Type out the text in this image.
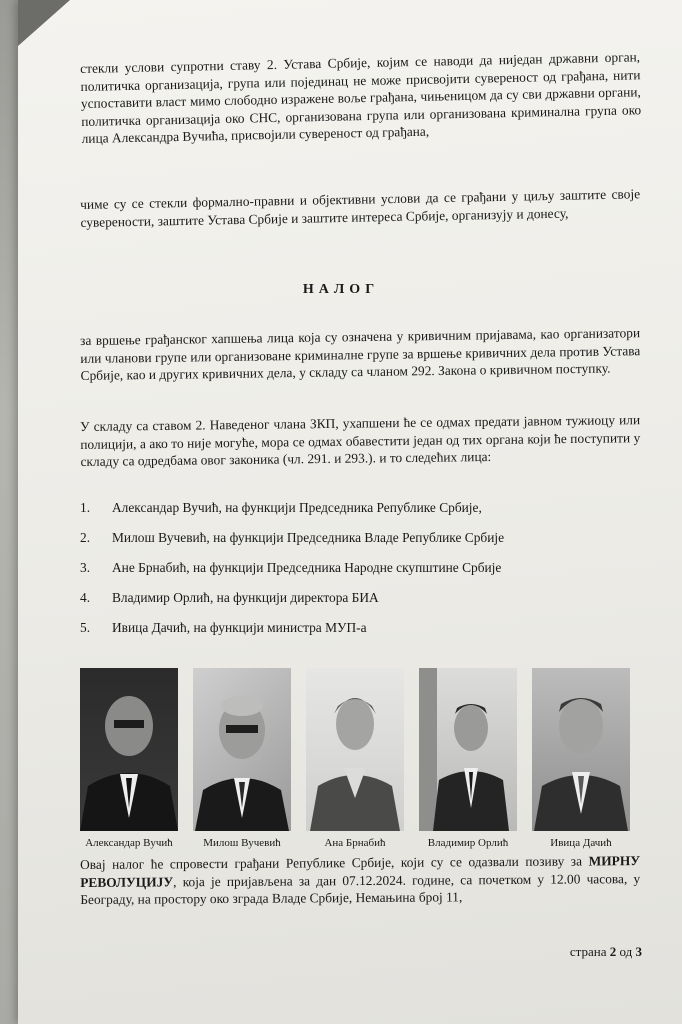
стекли услови супротни ставу 2. Устава Србије, којим се наводи да ниједан државни орган, политичка организација, група или појединац не може присвојити сувереност од грађана, нити успоставити власт мимо слободно изражене воље грађана, чињеницом да су сви државни органи, политичка организација око СНС, организована група или организована криминална група око лица Александра Вучића, присвојили сувереност од грађана,
чиме су се стекли формално-правни и објективни услови да се грађани у циљу заштите своје суверености, заштите Устава Србије и заштите интереса Србије, организују и донесу,
НАЛОГ
за вршење грађанског хапшења лица која су означена у кривичним пријавама, као организатори или чланови групе или организоване криминалне групе за вршење кривичних дела против Устава Србије, као и других кривичних дела, у складу са чланом 292. Закона о кривичном поступку.
У складу са ставом 2. Наведеног члана ЗКП, ухапшени ће се одмах предати јавном тужиоцу или полицији, а ако то није могуће, мора се одмах обавестити један од тих органа који ће поступити у складу са одредбама овог законика (чл. 291. и 293.). и то следећих лица:
1.	Александар Вучић, на функцији Председника Републике Србије,
2.	Милош Вучевић, на функцији Председника Владе Републике Србије
3.	Ане Брнабић, на функцији Председника Народне скупштине Србије
4.	Владимир Орлић, на функцији директора БИА
5.	Ивица Дачић, на функцији министра МУП-а
Александар Вучић	Милош Вучевић	Ана Брнабић	Владимир Орлић	Ивица Дачић
Овај налог ће спровести грађани Републике Србије, који су се одазвали позиву за МИРНУ РЕВОЛУЦИЈУ, која је пријављена за дан 07.12.2024. године, са почетком у 12.00 часова, у Београду, на простору око зграда Владе Србије, Немањина број 11,
страна 2 од 3
